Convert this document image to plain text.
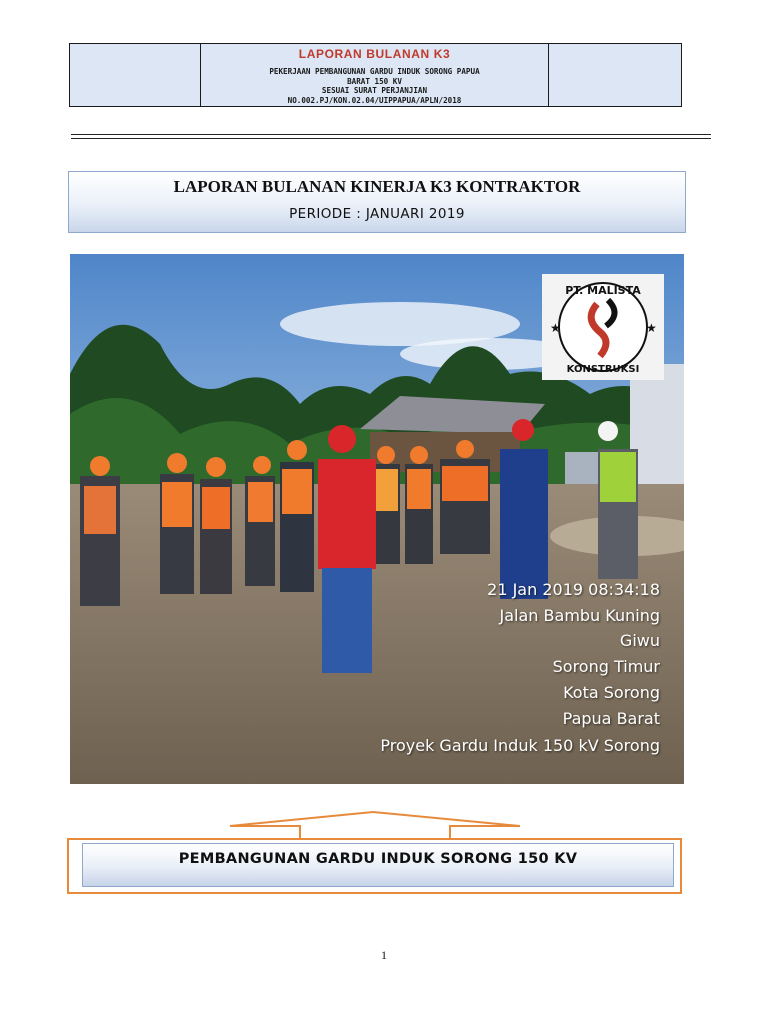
LAPORAN BULANAN K3
PEKERJAAN PEMBANGUNAN GARDU INDUK SORONG PAPUA
BARAT 150 KV
SESUAI SURAT PERJANJIAN
NO.002.PJ/KON.02.04/UIPPAPUA/APLN/2018
LAPORAN BULANAN KINERJA K3 KONTRAKTOR
PERIODE : JANUARI 2019
PT. MALISTA
KONSTRUKSI
★	★
21 Jan 2019 08:34:18
Jalan Bambu Kuning
Giwu
Sorong Timur
Kota Sorong
Papua Barat
Proyek Gardu Induk 150 kV Sorong
PEMBANGUNAN GARDU INDUK SORONG 150 KV
1
